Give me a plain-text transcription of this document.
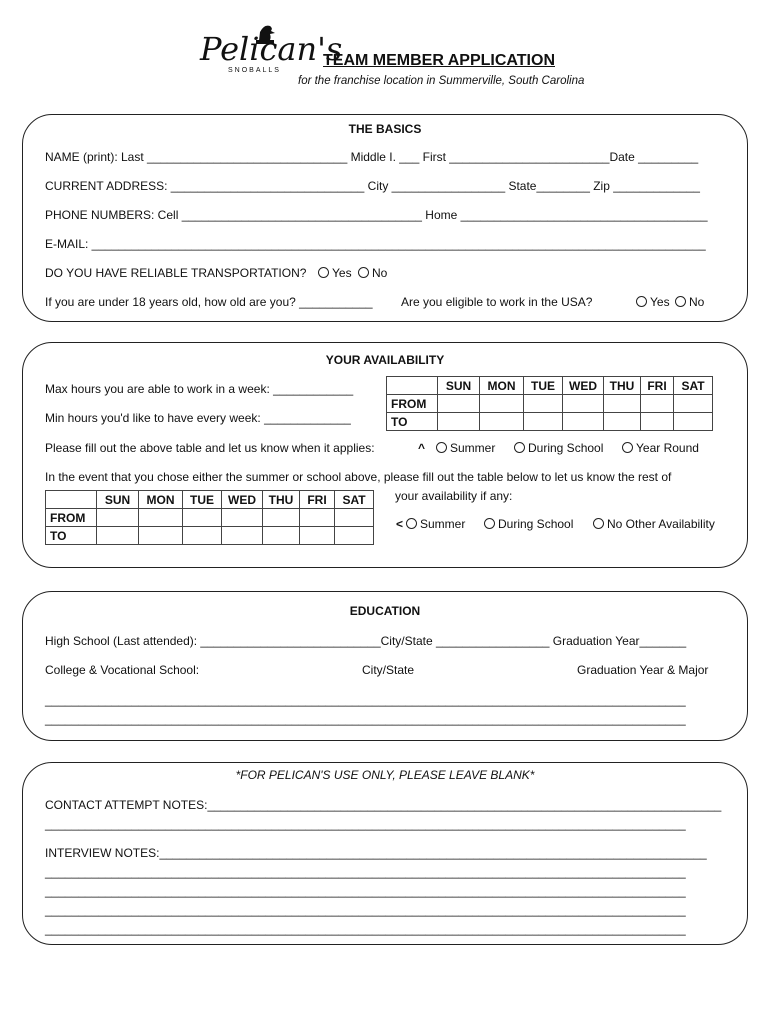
Pelican's
SNOBALLS
TEAM MEMBER APPLICATION
for the franchise location in Summerville, South Carolina
THE BASICS
NAME (print): Last ______________________________ Middle I. ___ First ________________________Date _________
CURRENT ADDRESS: _____________________________ City _________________ State________ Zip _____________
PHONE NUMBERS: Cell ____________________________________ Home _____________________________________
E-MAIL: ____________________________________________________________________________________________
DO YOU HAVE RELIABLE TRANSPORTATION?	Yes	No
If you are under 18 years old, how old are you? ___________ Are you eligible to work in the USA?	Yes	No
YOUR AVAILABILITY
Max hours you are able to work in a week: ____________
Min hours you'd like to have every week: _____________
	SUN	MON	TUE	WED	THU	FRI	SAT
FROM							
TO							
Please fill out the above table and let us know when it applies:	^	Summer	During School	Year Round
In the event that you chose either the summer or school above, please fill out the table below to let us know the rest of
your availability if any:
	SUN	MON	TUE	WED	THU	FRI	SAT
FROM							
TO							
<	Summer	During School	No Other Availability
EDUCATION
High School (Last attended): ___________________________City/State _________________ Graduation Year_______
College & Vocational School:	City/State	Graduation Year & Major
________________________________________________________________________________________________
________________________________________________________________________________________________
*FOR PELICAN'S USE ONLY, PLEASE LEAVE BLANK*
CONTACT ATTEMPT NOTES:_____________________________________________________________________________
________________________________________________________________________________________________
INTERVIEW NOTES:__________________________________________________________________________________
________________________________________________________________________________________________
________________________________________________________________________________________________
________________________________________________________________________________________________
________________________________________________________________________________________________
